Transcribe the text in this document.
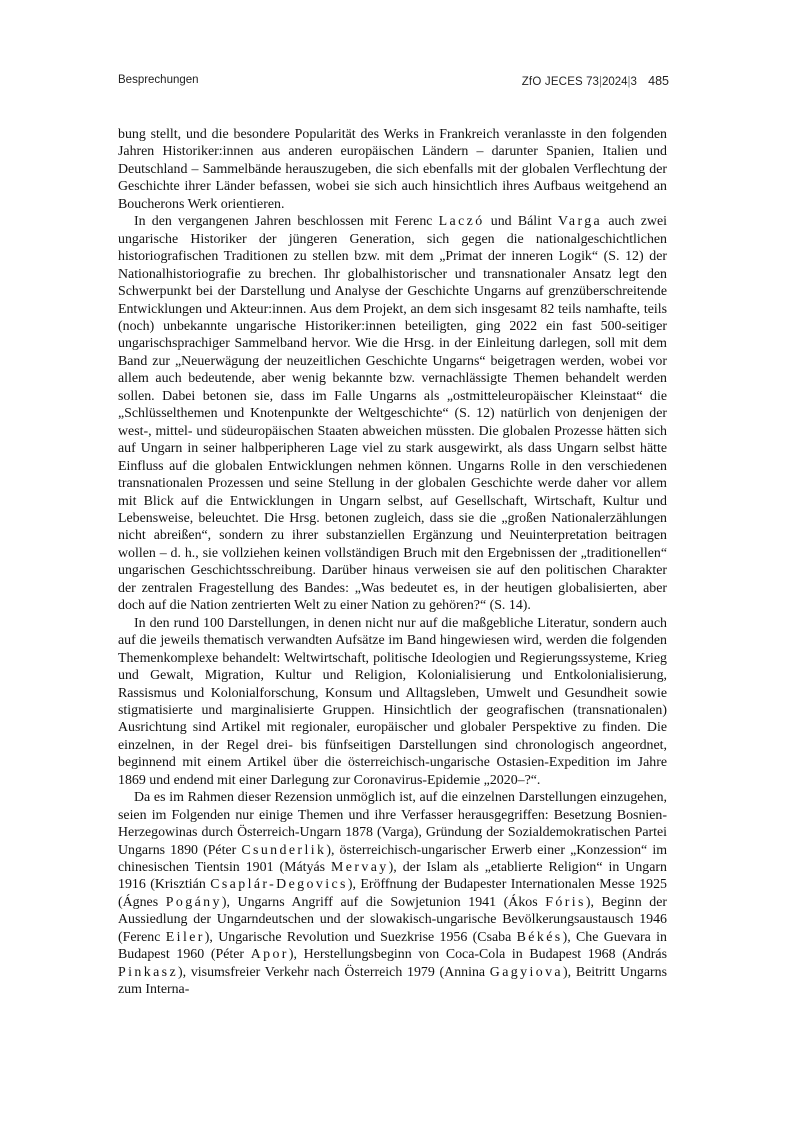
Besprechungen	ZfO JECES 73|2024|3 485

bung stellt, und die besondere Popularität des Werks in Frankreich veranlasste in den folgenden Jahren Historiker:innen aus anderen europäischen Ländern – darunter Spanien, Italien und Deutschland – Sammelbände herauszugeben, die sich ebenfalls mit der globalen Verflechtung der Geschichte ihrer Länder befassen, wobei sie sich auch hinsichtlich ihres Aufbaus weitgehend an Boucherons Werk orientieren.

In den vergangenen Jahren beschlossen mit Ferenc Laczó und Bálint Varga auch zwei ungarische Historiker der jüngeren Generation, sich gegen die nationalgeschichtlichen historiografischen Traditionen zu stellen bzw. mit dem „Primat der inneren Logik“ (S. 12) der Nationalhistoriografie zu brechen. Ihr globalhistorischer und transnationaler Ansatz legt den Schwerpunkt bei der Darstellung und Analyse der Geschichte Ungarns auf grenzüberschreitende Entwicklungen und Akteur:innen. Aus dem Projekt, an dem sich insgesamt 82 teils namhafte, teils (noch) unbekannte ungarische Historiker:innen beteiligten, ging 2022 ein fast 500-seitiger ungarischsprachiger Sammelband hervor. Wie die Hrsg. in der Einleitung darlegen, soll mit dem Band zur „Neuerwägung der neuzeitlichen Geschichte Ungarns“ beigetragen werden, wobei vor allem auch bedeutende, aber wenig bekannte bzw. vernachlässigte Themen behandelt werden sollen. Dabei betonen sie, dass im Falle Ungarns als „ostmitteleuropäischer Kleinstaat“ die „Schlüsselthemen und Knotenpunkte der Weltgeschichte“ (S. 12) natürlich von denjenigen der west-, mittel- und südeuropäischen Staaten abweichen müssten. Die globalen Prozesse hätten sich auf Ungarn in seiner halbperipheren Lage viel zu stark ausgewirkt, als dass Ungarn selbst hätte Einfluss auf die globalen Entwicklungen nehmen können. Ungarns Rolle in den verschiedenen transnationalen Prozessen und seine Stellung in der globalen Geschichte werde daher vor allem mit Blick auf die Entwicklungen in Ungarn selbst, auf Gesellschaft, Wirtschaft, Kultur und Lebensweise, beleuchtet. Die Hrsg. betonen zugleich, dass sie die „großen Nationalerzählungen nicht abreißen“, sondern zu ihrer substanziellen Ergänzung und Neuinterpretation beitragen wollen – d. h., sie vollziehen keinen vollständigen Bruch mit den Ergebnissen der „traditionellen“ ungarischen Geschichtsschreibung. Darüber hinaus verweisen sie auf den politischen Charakter der zentralen Fragestellung des Bandes: „Was bedeutet es, in der heutigen globalisierten, aber doch auf die Nation zentrierten Welt zu einer Nation zu gehören?“ (S. 14).

In den rund 100 Darstellungen, in denen nicht nur auf die maßgebliche Literatur, sondern auch auf die jeweils thematisch verwandten Aufsätze im Band hingewiesen wird, werden die folgenden Themenkomplexe behandelt: Weltwirtschaft, politische Ideologien und Regierungssysteme, Krieg und Gewalt, Migration, Kultur und Religion, Kolonialisierung und Entkolonialisierung, Rassismus und Kolonialforschung, Konsum und Alltagsleben, Umwelt und Gesundheit sowie stigmatisierte und marginalisierte Gruppen. Hinsichtlich der geografischen (transnationalen) Ausrichtung sind Artikel mit regionaler, europäischer und globaler Perspektive zu finden. Die einzelnen, in der Regel drei- bis fünfseitigen Darstellungen sind chronologisch angeordnet, beginnend mit einem Artikel über die österreichisch-ungarische Ostasien-Expedition im Jahre 1869 und endend mit einer Darlegung zur Coronavirus-Epidemie „2020–?“.

Da es im Rahmen dieser Rezension unmöglich ist, auf die einzelnen Darstellungen einzugehen, seien im Folgenden nur einige Themen und ihre Verfasser herausgegriffen: Besetzung Bosnien-Herzegowinas durch Österreich-Ungarn 1878 (Varga), Gründung der Sozialdemokratischen Partei Ungarns 1890 (Péter Csunderlik), österreichisch-ungarischer Erwerb einer „Konzession“ im chinesischen Tientsin 1901 (Mátyás Mervay), der Islam als „etablierte Religion“ in Ungarn 1916 (Krisztián Csaplár-Degovics), Eröffnung der Budapester Internationalen Messe 1925 (Ágnes Pogány), Ungarns Angriff auf die Sowjetunion 1941 (Ákos Fóris), Beginn der Aussiedlung der Ungarndeutschen und der slowakisch-ungarische Bevölkerungsaustausch 1946 (Ferenc Eiler), Ungarische Revolution und Suezkrise 1956 (Csaba Békés), Che Guevara in Budapest 1960 (Péter Apor), Herstellungsbeginn von Coca-Cola in Budapest 1968 (András Pinkasz), visumsfreier Verkehr nach Österreich 1979 (Annina Gagyiova), Beitritt Ungarns zum Interna-
